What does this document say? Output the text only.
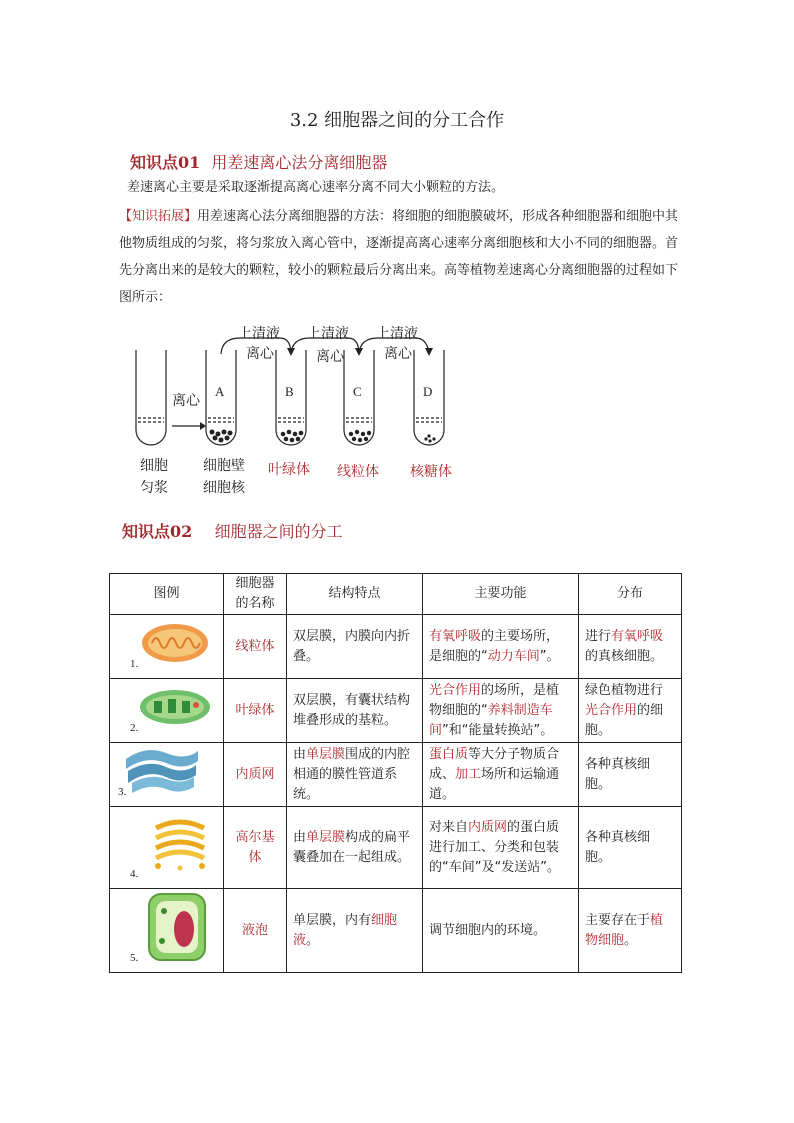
3.2 细胞器之间的分工合作
知识点01 用差速离心法分离细胞器
差速离心主要是采取逐渐提高离心速率分离不同大小颗粒的方法。
【知识拓展】用差速离心法分离细胞器的方法：将细胞的细胞膜破坏，形成各种细胞器和细胞中其他物质组成的匀浆，将匀浆放入离心管中，逐渐提高离心速率分离细胞核和大小不同的细胞器。首先分离出来的是较大的颗粒，较小的颗粒最后分离出来。高等植物差速离心分离细胞器的过程如下图所示：
A	B	C	D
上清液 上清液 上清液
离心	离心	离心
离心
细胞
匀浆
细胞壁
细胞核
叶绿体 线粒体 核糖体
知识点02 细胞器之间的分工
图例	细胞器的名称	结构特点	主要功能	分布

1.	线粒体	双层膜，内膜向内折叠。	有氧呼吸的主要场所，是细胞的“动力车间”。	进行有氧呼吸的真核细胞。

2.	叶绿体	双层膜，有囊状结构堆叠形成的基粒。	光合作用的场所，是植物细胞的“养料制造车间”和“能量转换站”。	绿色植物进行光合作用的细胞。

3.	内质网	由单层膜围成的内腔相通的膜性管道系统。	蛋白质等大分子物质合成、加工场所和运输通道。	各种真核细胞。

4.	高尔基体	由单层膜构成的扁平囊叠加在一起组成。	对来自内质网的蛋白质进行加工、分类和包装的“车间”及“发送站”。	各种真核细胞。

5.	液泡	单层膜，内有细胞液。	调节细胞内的环境。	主要存在于植物细胞。
